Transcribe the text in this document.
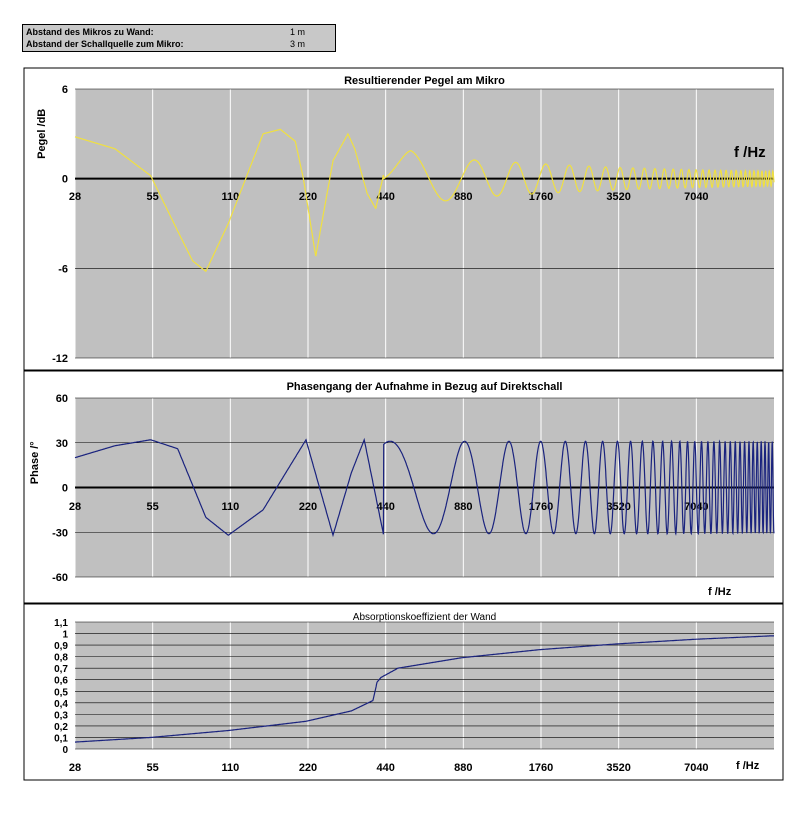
Abstand des Mikros zu Wand:	1 m
Abstand der Schallquelle zum Mikro:	3 m
6
0
-6
-12
28	55	110	220	440	880	1760	3520	7040
Resultierender Pegel am Mikro
Pegel /dB	f /Hz
60
30
0
-30
-60
28	55	110	220	440	880	1760	3520	7040
Phasengang der Aufnahme in Bezug auf Direktschall
Phase /°
f /Hz
1,1
1
0,9
0,8
0,7
0,6
0,5
0,4
0,3
0,2
0,1
0
28	55	110	220	440	880	1760	3520	7040
Absorptionskoeffizient der Wand
f /Hz
